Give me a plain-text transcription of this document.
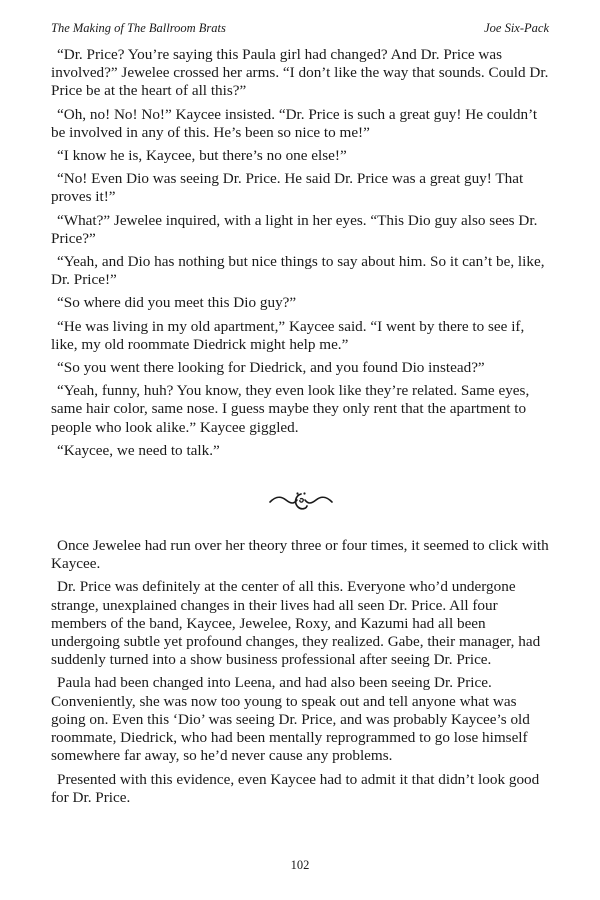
The Making of The Ballroom Brats	Joe Six-Pack

“Dr. Price? You’re saying this Paula girl had changed? And Dr. Price was involved?” Jewelee crossed her arms. “I don’t like the way that sounds. Could Dr. Price be at the heart of all this?”

“Oh, no! No! No!” Kaycee insisted. “Dr. Price is such a great guy! He couldn’t be involved in any of this. He’s been so nice to me!”

“I know he is, Kaycee, but there’s no one else!”

“No! Even Dio was seeing Dr. Price. He said Dr. Price was a great guy! That proves it!”

“What?” Jewelee inquired, with a light in her eyes. “This Dio guy also sees Dr. Price?”

“Yeah, and Dio has nothing but nice things to say about him. So it can’t be, like, Dr. Price!”

“So where did you meet this Dio guy?”

“He was living in my old apartment,” Kaycee said. “I went by there to see if, like, my old roommate Diedrick might help me.”

“So you went there looking for Diedrick, and you found Dio instead?”

“Yeah, funny, huh? You know, they even look like they’re related. Same eyes, same hair color, same nose. I guess maybe they only rent that the apartment to people who look alike.” Kaycee giggled.

“Kaycee, we need to talk.”

Once Jewelee had run over her theory three or four times, it seemed to click with Kaycee.

Dr. Price was definitely at the center of all this. Everyone who’d undergone strange, unexplained changes in their lives had all seen Dr. Price. All four members of the band, Kaycee, Jewelee, Roxy, and Kazumi had all been undergoing subtle yet profound changes, they realized. Gabe, their manager, had suddenly turned into a show business professional after seeing Dr. Price.

Paula had been changed into Leena, and had also been seeing Dr. Price. Conveniently, she was now too young to speak out and tell anyone what was going on. Even this ‘Dio’ was seeing Dr. Price, and was probably Kaycee’s old roommate, Diedrick, who had been mentally reprogrammed to go lose himself somewhere far away, so he’d never cause any problems.

Presented with this evidence, even Kaycee had to admit it that didn’t look good for Dr. Price.

102
